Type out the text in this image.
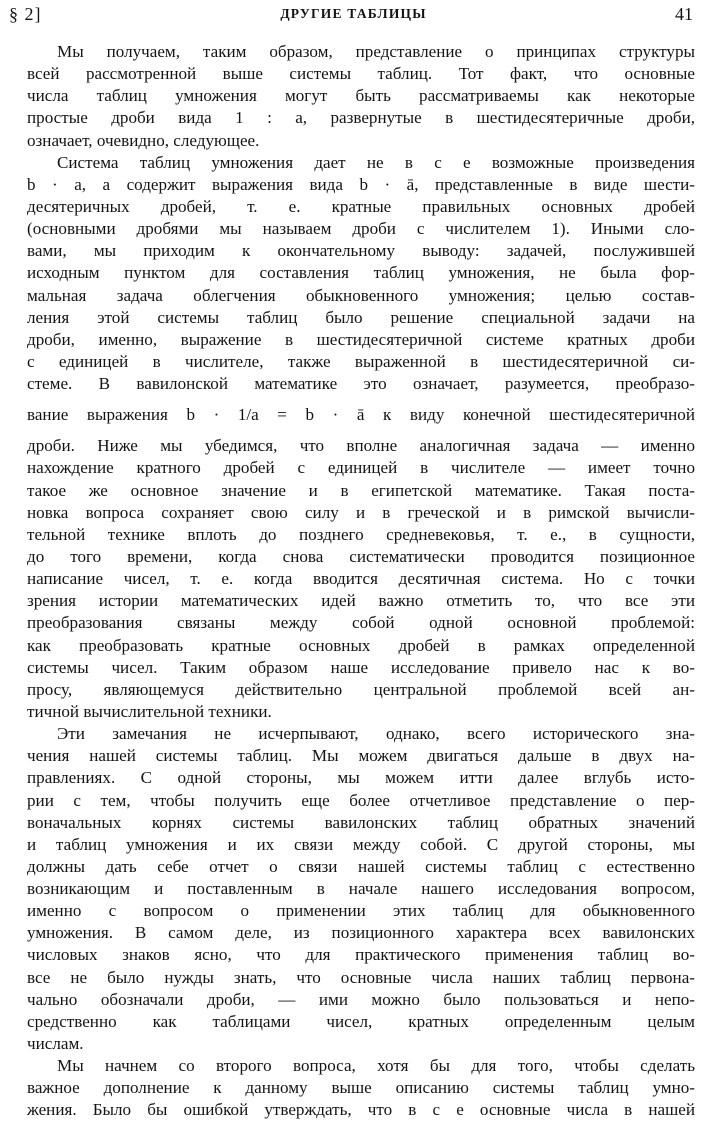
§ 2]	ДРУГИЕ ТАБЛИЦЫ	41
Мы получаем, таким образом, представление о принципах структуры
всей рассмотренной выше системы таблиц. Тот факт, что основные
числа таблиц умножения могут быть рассматриваемы как некоторые
простые дроби вида 1 : a, развернутые в шестидесятеричные дроби,
означает, очевидно, следующее.
Система таблиц умножения дает не в с е возможные произведения
b · a, а содержит выражения вида b · ā, представленные в виде шести-
десятеричных дробей, т. е. кратные правильных основных дробей
(основными дробями мы называем дроби с числителем 1). Иными сло-
вами, мы приходим к окончательному выводу: задачей, послужившей
исходным пунктом для составления таблиц умножения, не была фор-
мальная задача облегчения обыкновенного умножения; целью состав-
ления этой системы таблиц было решение специальной задачи на
дроби, именно, выражение в шестидесятеричной системе кратных дроби
с единицей в числителе, также выраженной в шестидесятеричной си-
стеме. В вавилонской математике это означает, разумеется, преобразо-
вание выражения b · 1/a = b · ā к виду конечной шестидесятеричной
дроби. Ниже мы убедимся, что вполне аналогичная задача — именно
нахождение кратного дробей с единицей в числителе — имеет точно
такое же основное значение и в египетской математике. Такая поста-
новка вопроса сохраняет свою силу и в греческой и в римской вычисли-
тельной технике вплоть до позднего средневековья, т. е., в сущности,
до того времени, когда снова систематически проводится позиционное
написание чисел, т. е. когда вводится десятичная система. Но с точки
зрения истории математических идей важно отметить то, что все эти
преобразования связаны между собой одной основной проблемой:
как преобразовать кратные основных дробей в рамках определенной
системы чисел. Таким образом наше исследование привело нас к во-
просу, являющемуся действительно центральной проблемой всей ан-
тичной вычислительной техники.
Эти замечания не исчерпывают, однако, всего исторического зна-
чения нашей системы таблиц. Мы можем двигаться дальше в двух на-
правлениях. С одной стороны, мы можем итти далее вглубь исто-
рии с тем, чтобы получить еще более отчетливое представление о пер-
воначальных корнях системы вавилонских таблиц обратных значений
и таблиц умножения и их связи между собой. С другой стороны, мы
должны дать себе отчет о связи нашей системы таблиц с естественно
возникающим и поставленным в начале нашего исследования вопросом,
именно с вопросом о применении этих таблиц для обыкновенного
умножения. В самом деле, из позиционного характера всех вавилонских
числовых знаков ясно, что для практического применения таблиц во-
все не было нужды знать, что основные числа наших таблиц первона-
чально обозначали дроби, — ими можно было пользоваться и непо-
средственно как таблицами чисел, кратных определенным целым
числам.
Мы начнем со второго вопроса, хотя бы для того, чтобы сделать
важное дополнение к данному выше описанию системы таблиц умно-
жения. Было бы ошибкой утверждать, что в с е основные числа в нашей
